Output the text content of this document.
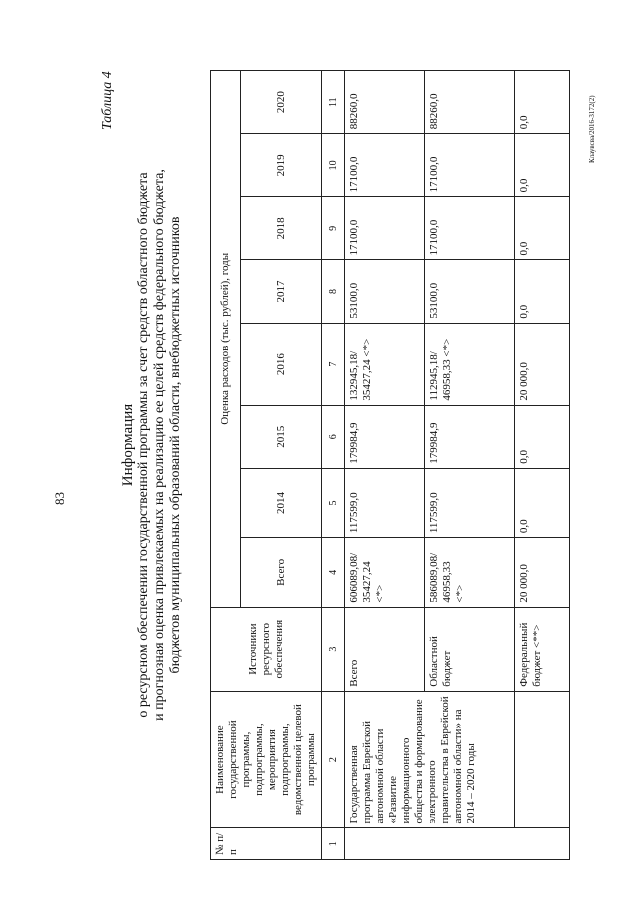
83
Таблица 4	Клаувсва/2016-3172(2)
Информация о ресурсном обеспечении государственной программы за счет средств областного бюджета и прогнозная оценка привлекаемых на реализацию ее целей средств федерального бюджета, бюджетов муниципальных образований области, внебюджетных источников
№ п/п	Наименование государственной программы, подпрограммы, мероприятия подпрограммы, ведомственной целевой программы	Источники ресурсного обеспечения	Оценка расходов (тыс. рублей), годы							
			Всего	2014	2015	2016	2017	2018	2019	2020
1	2	3	4	5	6	7	8	9	10	11
	Государственная программа Еврейской автономной области «Развитие информационного общества и формирование электронного правительства в Еврейской автономной области» на 2014 – 2020 годы	Всего	606089,08/ 35427,24 <*>	117599,0	179984,9	132945,18/ 35427,24 <*>	53100,0	17100,0	17100,0	88260,0
		Областной бюджет	586089,08/ 46958,33 <*>	117599,0	179984,9	112945,18/ 46958,33 <*>	53100,0	17100,0	17100,0	88260,0
		Федеральный бюджет <**>	20 000,0	0,0	0,0	20 000,0	0,0	0,0	0,0	0,0
